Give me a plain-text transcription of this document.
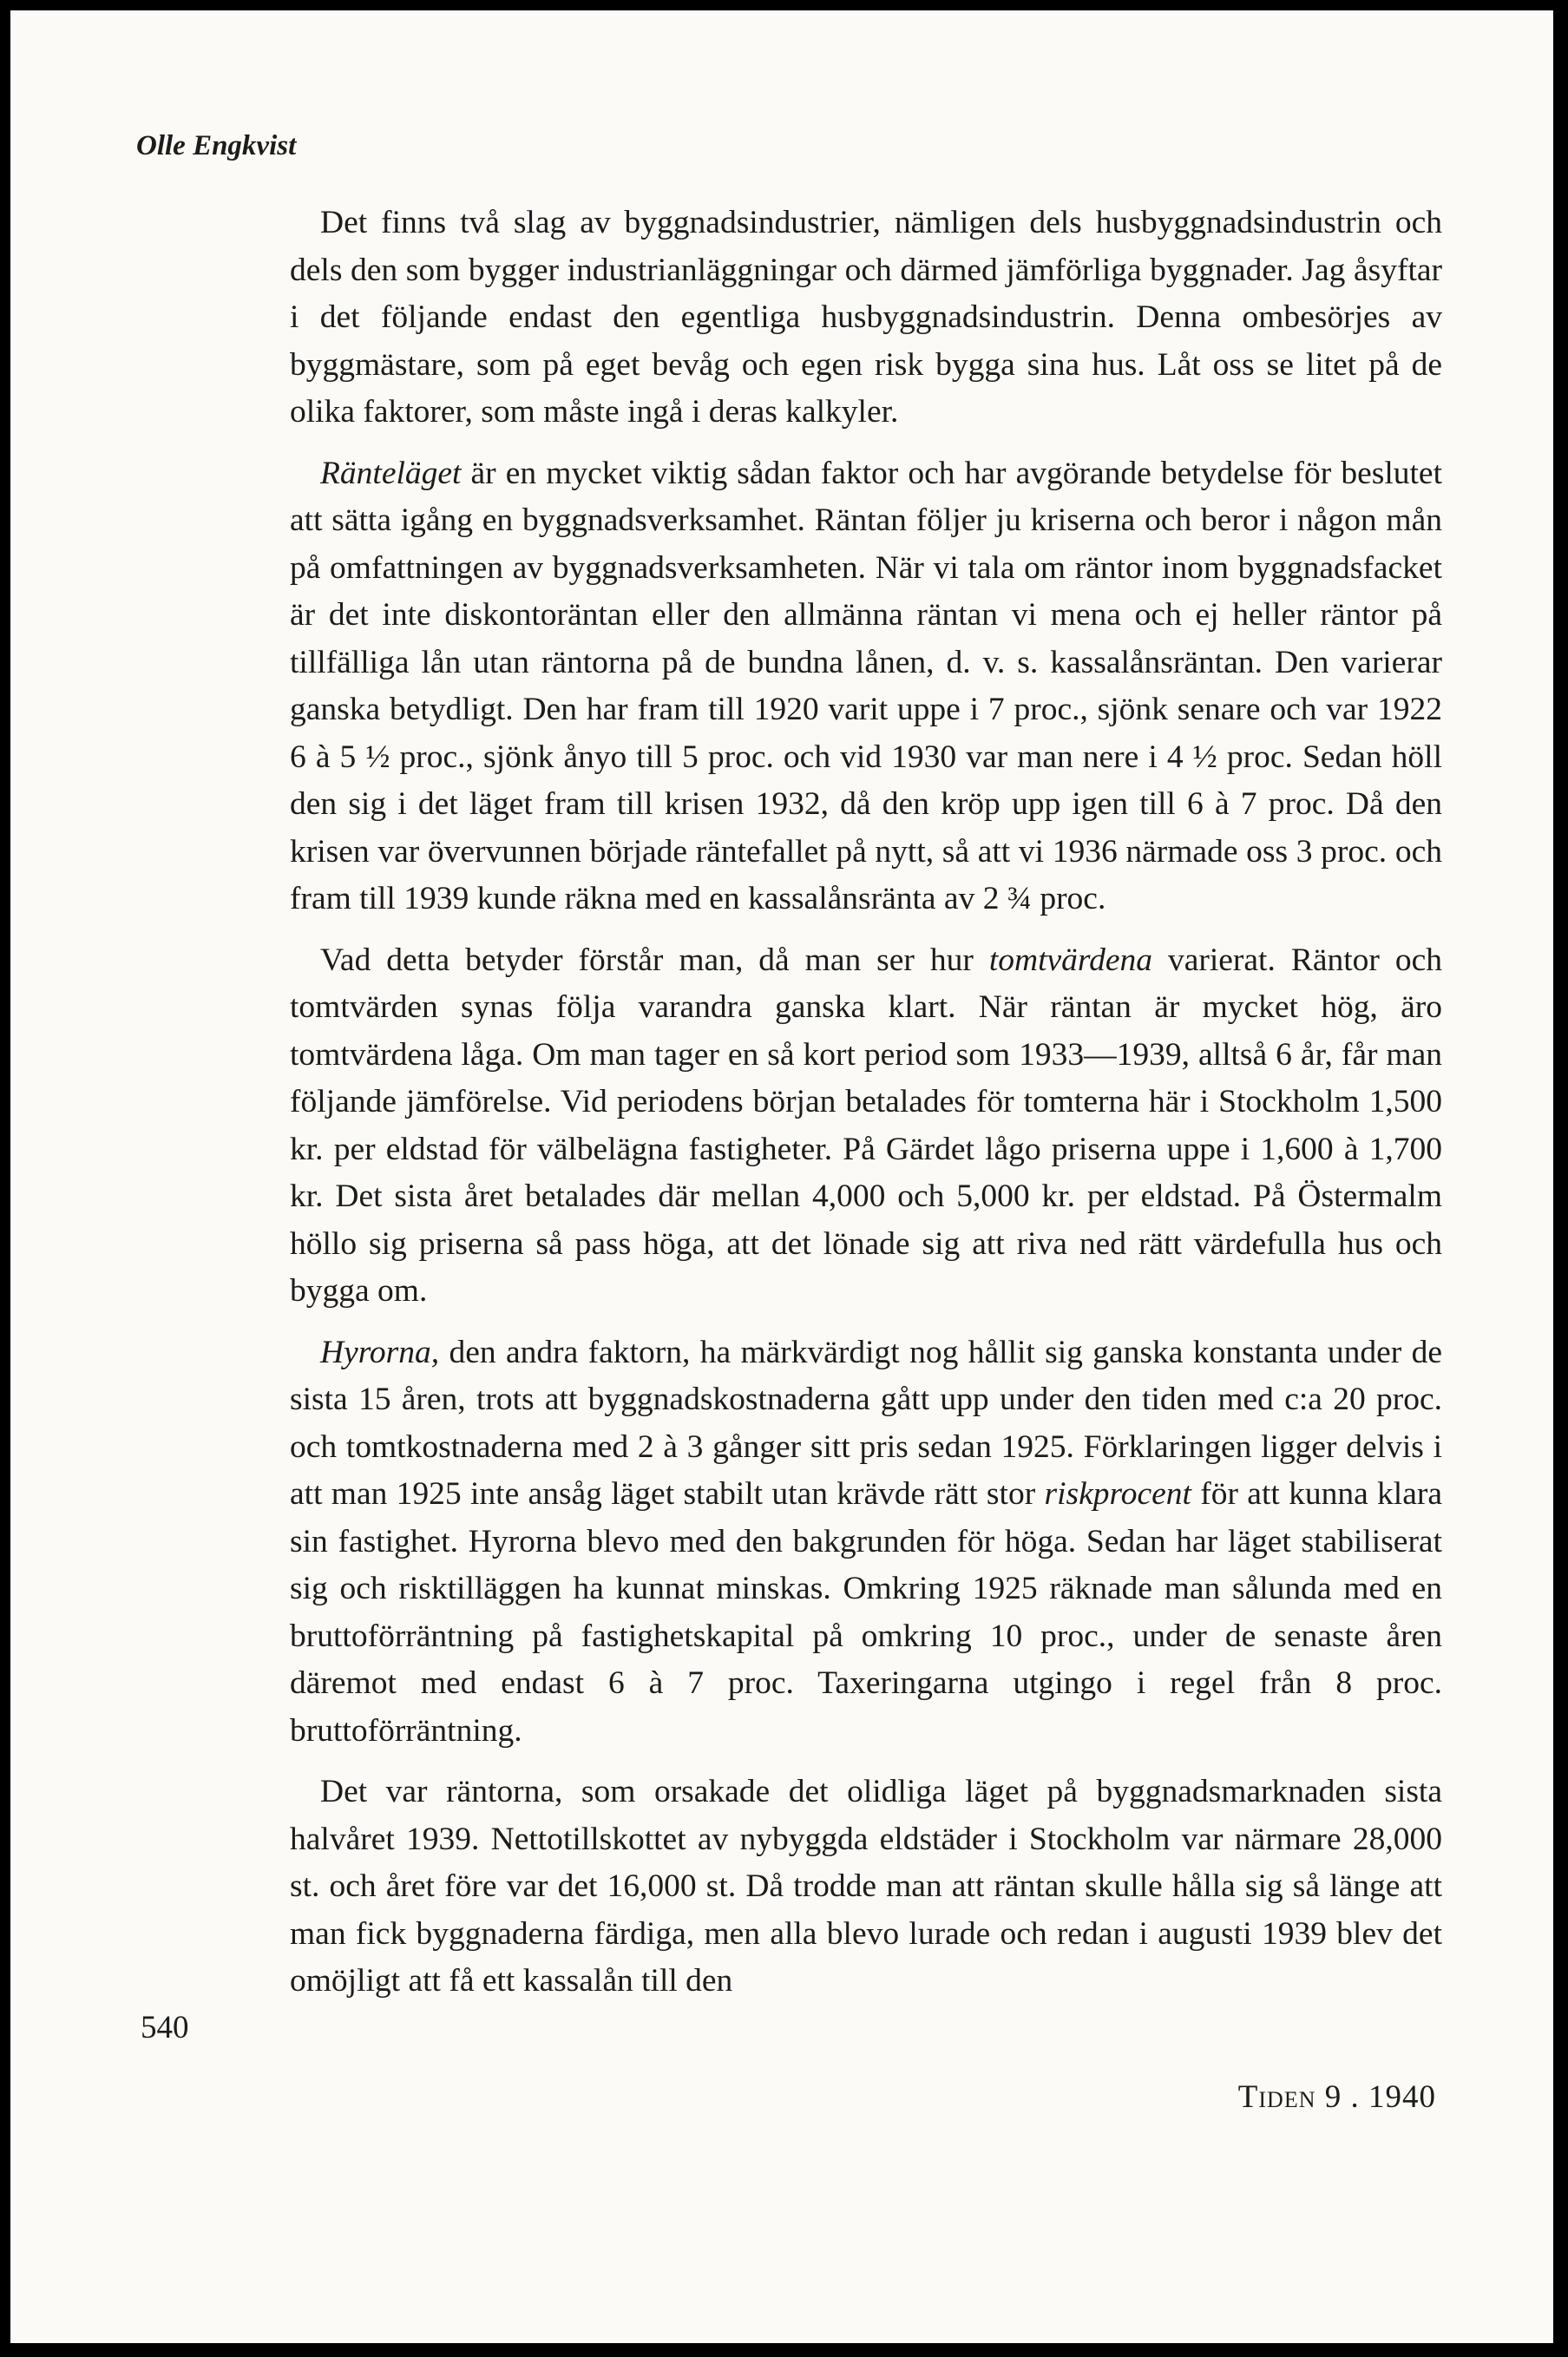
Olle Engkvist

Det finns två slag av byggnadsindustrier, nämligen dels husbyggnadsindustrin och dels den som bygger industrianläggningar och därmed jämförliga byggnader. Jag åsyftar i det följande endast den egentliga husbyggnadsindustrin. Denna ombesörjes av byggmästare, som på eget bevåg och egen risk bygga sina hus. Låt oss se litet på de olika faktorer, som måste ingå i deras kalkyler.

Ränteläget är en mycket viktig sådan faktor och har avgörande betydelse för beslutet att sätta igång en byggnadsverksamhet. Räntan följer ju kriserna och beror i någon mån på omfattningen av byggnadsverksamheten. När vi tala om räntor inom byggnadsfacket är det inte diskontoräntan eller den allmänna räntan vi mena och ej heller räntor på tillfälliga lån utan räntorna på de bundna lånen, d. v. s. kassalånsräntan. Den varierar ganska betydligt. Den har fram till 1920 varit uppe i 7 proc., sjönk senare och var 1922 6 à 5 ½ proc., sjönk ånyo till 5 proc. och vid 1930 var man nere i 4 ½ proc. Sedan höll den sig i det läget fram till krisen 1932, då den kröp upp igen till 6 à 7 proc. Då den krisen var övervunnen började räntefallet på nytt, så att vi 1936 närmade oss 3 proc. och fram till 1939 kunde räkna med en kassalånsränta av 2 ¾ proc.

Vad detta betyder förstår man, då man ser hur tomtvärdena varierat. Räntor och tomtvärden synas följa varandra ganska klart. När räntan är mycket hög, äro tomtvärdena låga. Om man tager en så kort period som 1933—1939, alltså 6 år, får man följande jämförelse. Vid periodens början betalades för tomterna här i Stockholm 1,500 kr. per eldstad för välbelägna fastigheter. På Gärdet lågo priserna uppe i 1,600 à 1,700 kr. Det sista året betalades där mellan 4,000 och 5,000 kr. per eldstad. På Östermalm höllo sig priserna så pass höga, att det lönade sig att riva ned rätt värdefulla hus och bygga om.

Hyrorna, den andra faktorn, ha märkvärdigt nog hållit sig ganska konstanta under de sista 15 åren, trots att byggnadskostnaderna gått upp under den tiden med c:a 20 proc. och tomtkostnaderna med 2 à 3 gånger sitt pris sedan 1925. Förklaringen ligger delvis i att man 1925 inte ansåg läget stabilt utan krävde rätt stor riskprocent för att kunna klara sin fastighet. Hyrorna blevo med den bakgrunden för höga. Sedan har läget stabiliserat sig och risktilläggen ha kunnat minskas. Omkring 1925 räknade man sålunda med en bruttoförräntning på fastighetskapital på omkring 10 proc., under de senaste åren däremot med endast 6 à 7 proc. Taxeringarna utgingo i regel från 8 proc. bruttoförräntning.

Det var räntorna, som orsakade det olidliga läget på byggnadsmarknaden sista halvåret 1939. Nettotillskottet av nybyggda eldstäder i Stockholm var närmare 28,000 st. och året före var det 16,000 st. Då trodde man att räntan skulle hålla sig så länge att man fick byggnaderna färdiga, men alla blevo lurade och redan i augusti 1939 blev det omöjligt att få ett kassalån till den

540
Tiden 9 . 1940
